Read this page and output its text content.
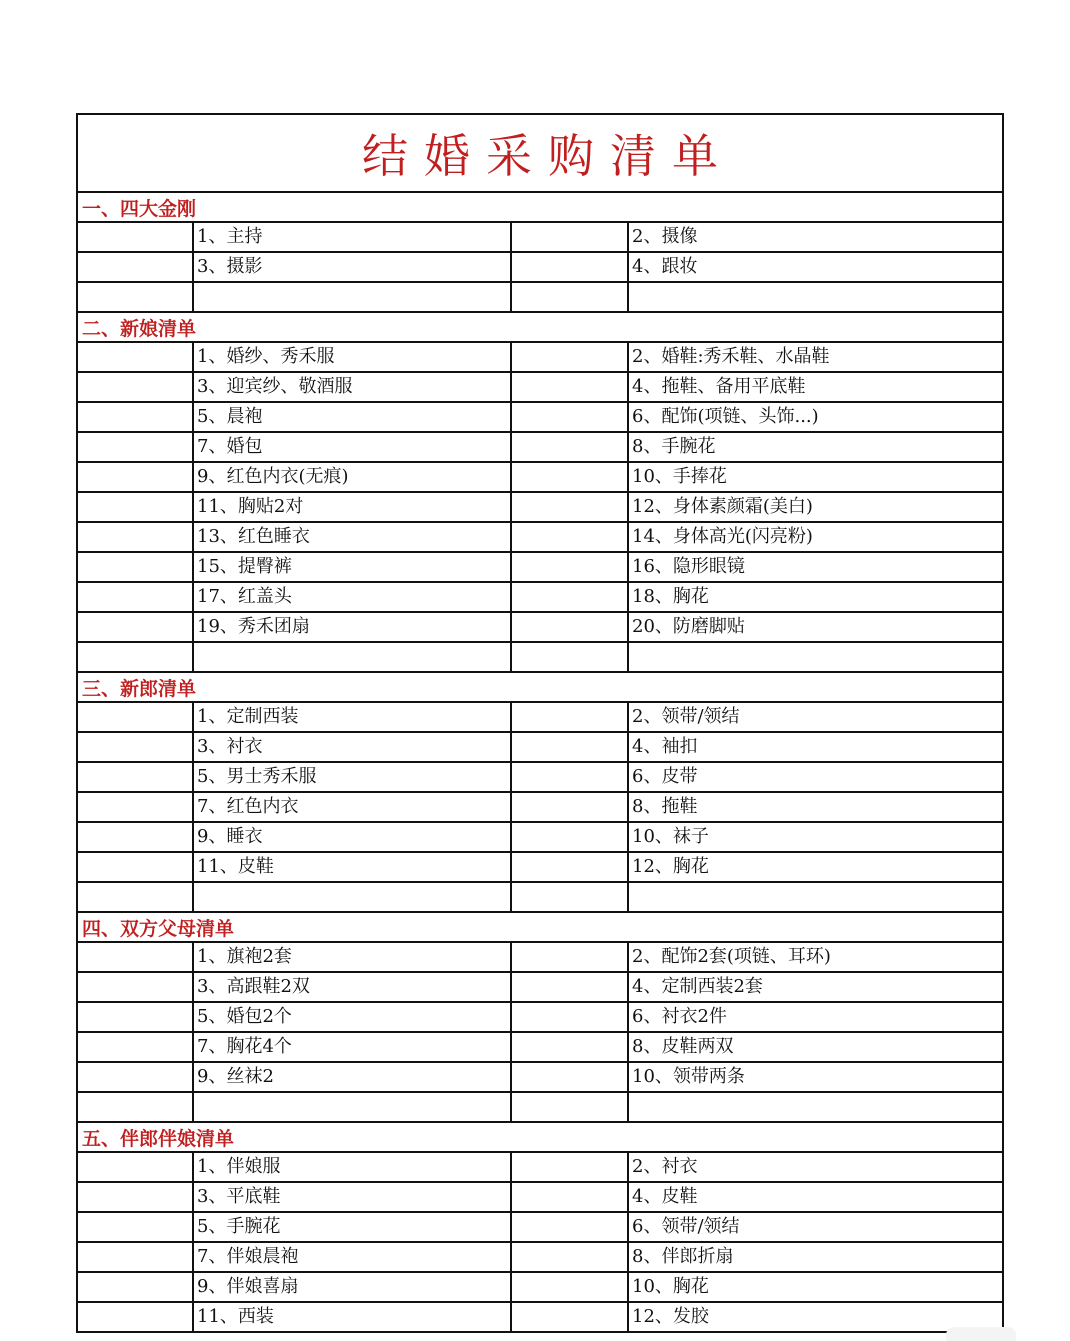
结婚采购清单
一、四大金刚
1、主持	2、摄像
3、摄影	4、跟妆
二、新娘清单
1、婚纱、秀禾服	2、婚鞋:秀禾鞋、水晶鞋
3、迎宾纱、敬酒服	4、拖鞋、备用平底鞋
5、晨袍	6、配饰(项链、头饰...)
7、婚包	8、手腕花
9、红色内衣(无痕)	10、手捧花
11、胸贴2对	12、身体素颜霜(美白)
13、红色睡衣	14、身体高光(闪亮粉)
15、提臀裤	16、隐形眼镜
17、红盖头	18、胸花
19、秀禾团扇	20、防磨脚贴
三、新郎清单
1、定制西装	2、领带/领结
3、衬衣	4、袖扣
5、男士秀禾服	6、皮带
7、红色内衣	8、拖鞋
9、睡衣	10、袜子
11、皮鞋	12、胸花
四、双方父母清单
1、旗袍2套	2、配饰2套(项链、耳环)
3、高跟鞋2双	4、定制西装2套
5、婚包2个	6、衬衣2件
7、胸花4个	8、皮鞋两双
9、丝袜2	10、领带两条
五、伴郎伴娘清单
1、伴娘服	2、衬衣
3、平底鞋	4、皮鞋
5、手腕花	6、领带/领结
7、伴娘晨袍	8、伴郎折扇
9、伴娘喜扇	10、胸花
11、西装	12、发胶
